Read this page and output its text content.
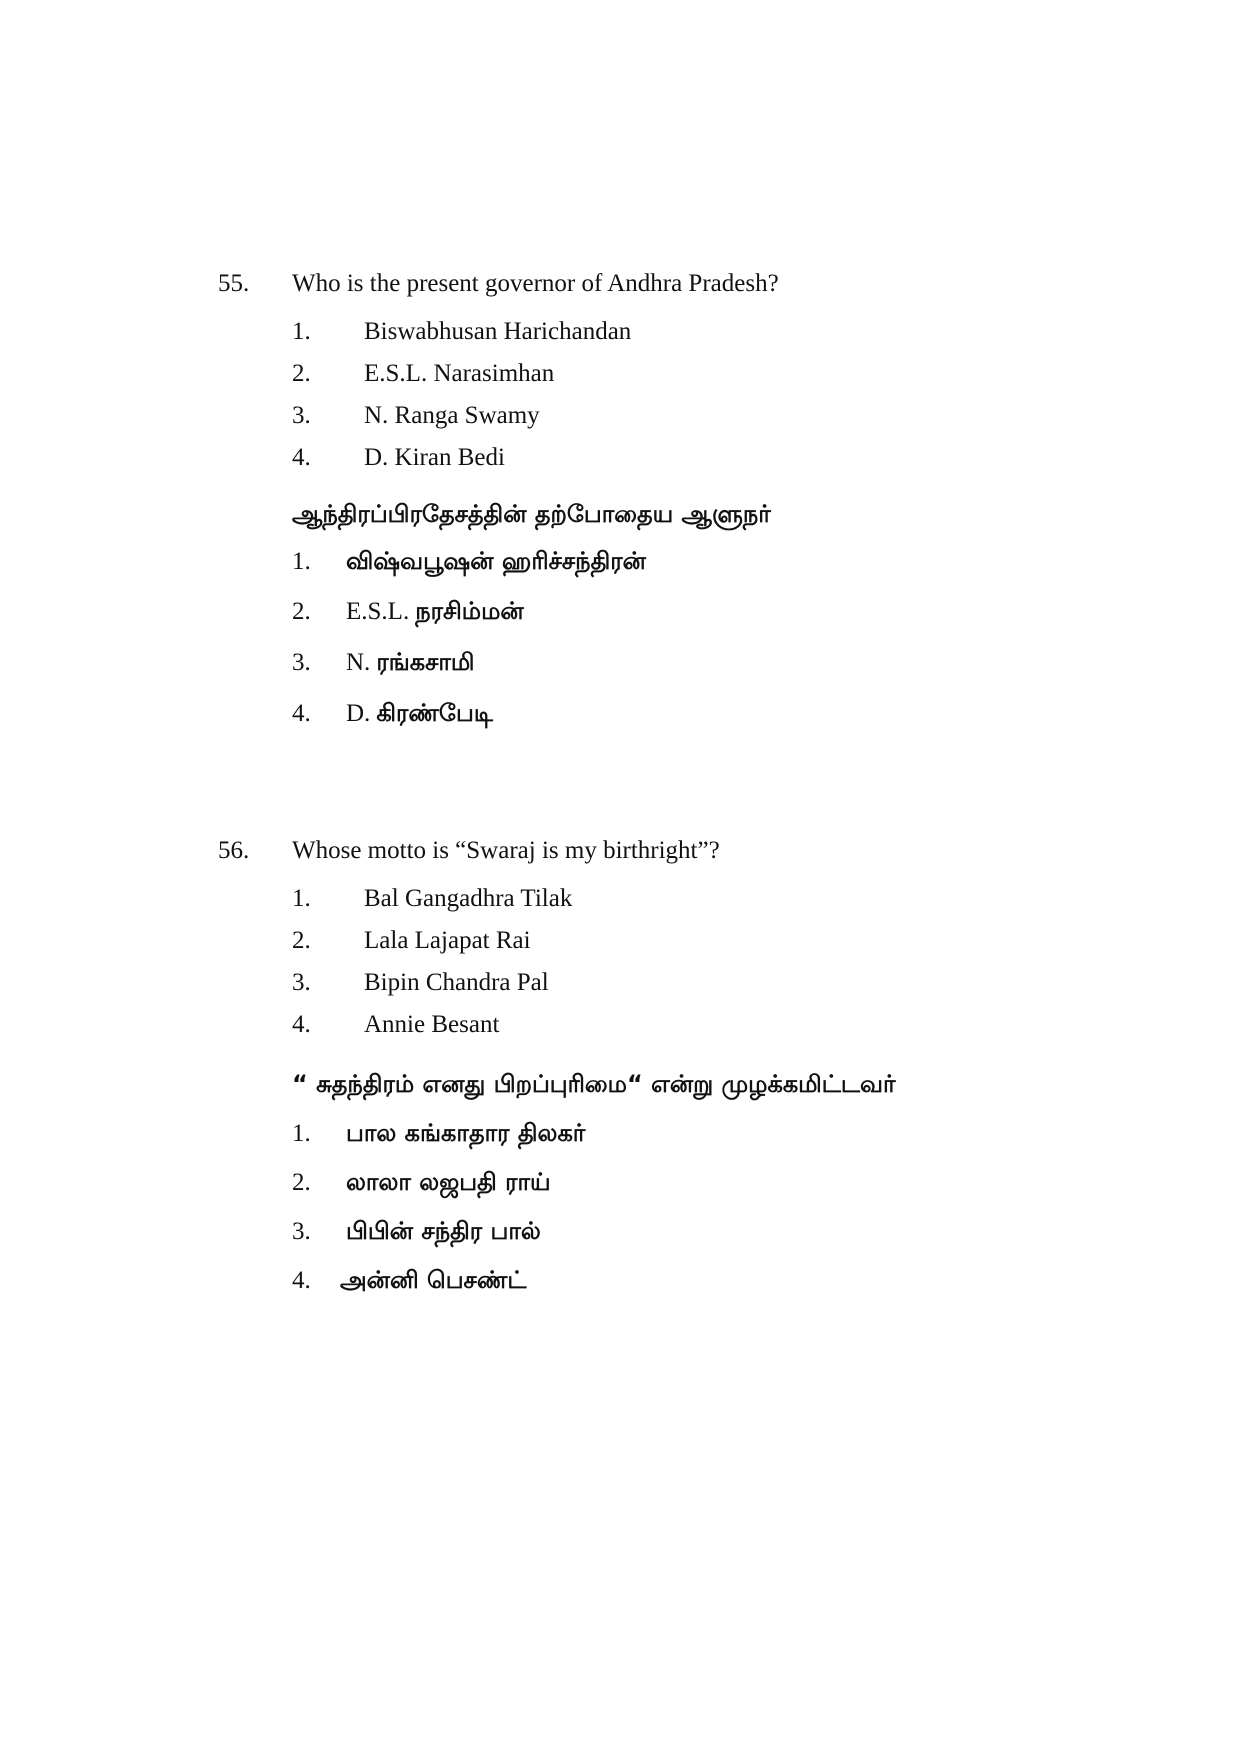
55. Who is the present governor of Andhra Pradesh?
1. Biswabhusan Harichandan
2. E.S.L. Narasimhan
3. N. Ranga Swamy
4. D. Kiran Bedi
ஆந்திரப்பிரதேசத்தின் தற்போதைய ஆளுநர்
1. விஷ்வபூஷன் ஹரிச்சந்திரன்
2. E.S.L. நரசிம்மன்
3. N. ரங்கசாமி
4. D. கிரண்பேடி
56. Whose motto is “Swaraj is my birthright”?
1. Bal Gangadhra Tilak
2. Lala Lajapat Rai
3. Bipin Chandra Pal
4. Annie Besant
“ சுதந்திரம் எனது பிறப்புரிமை“ என்று முழக்கமிட்டவர்
1. பால கங்காதார திலகர்
2. லாலா லஜபதி ராய்
3. பிபின் சந்திர பால்
4. அன்னி பெசண்ட்
